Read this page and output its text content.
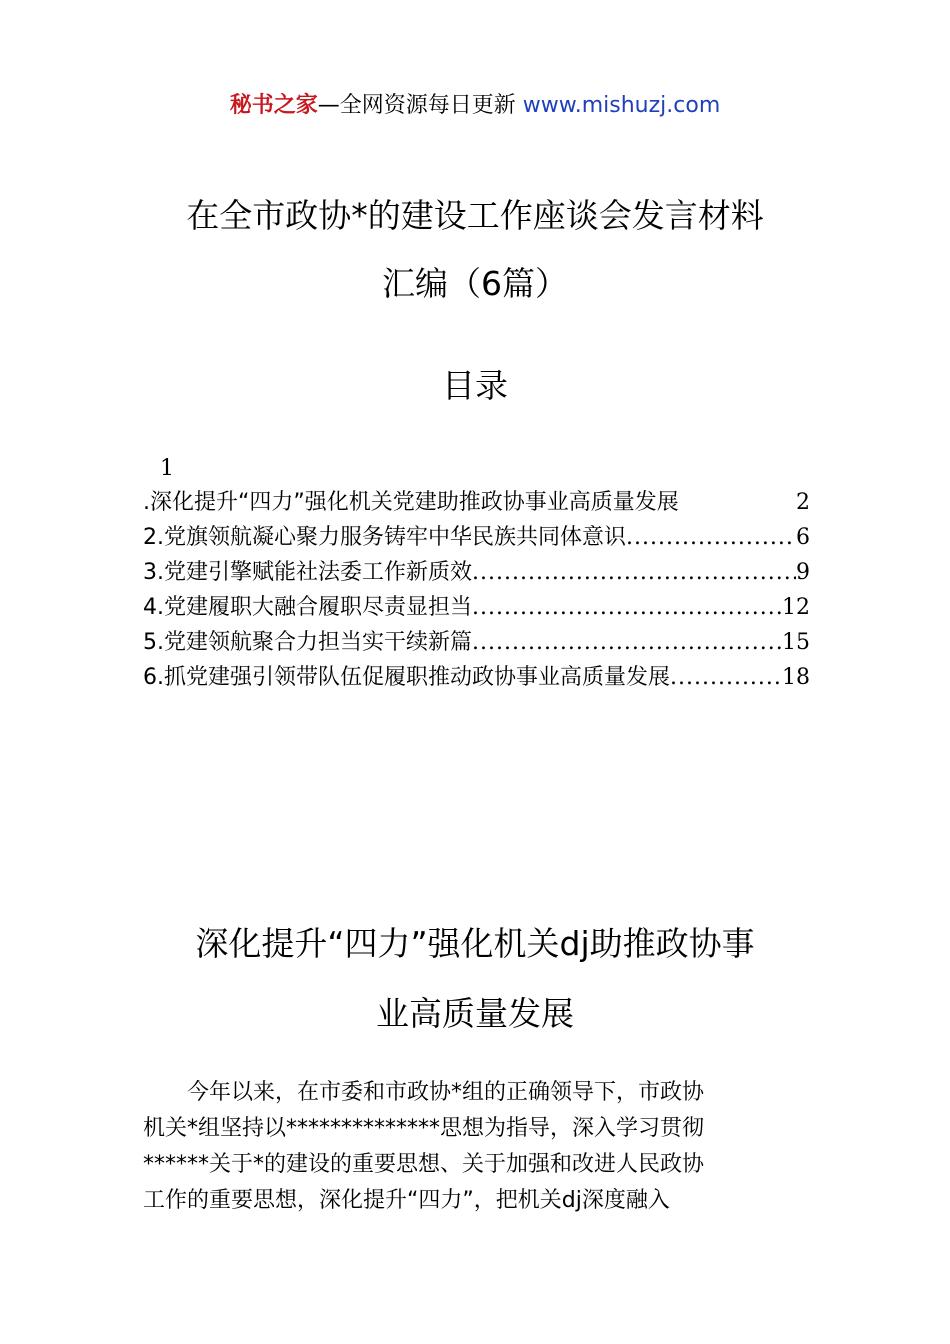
秘书之家—全网资源每日更新 www.mishuzj.com
在全市政协*的建设工作座谈会发言材料
汇编（6篇）
目录
1
.深化提升“四力”强化机关党建助推政协事业高质量发展	2
2.党旗领航凝心聚力服务铸牢中华民族共同体意识 .....	6
3.党建引擎赋能社法委工作新质效 .....	9
4.党建履职大融合履职尽责显担当 .....	12
5.党建领航聚合力担当实干续新篇 .....	15
6.抓党建强引领带队伍促履职推动政协事业高质量发展 .....	18
深化提升“四力”强化机关dj助推政协事
业高质量发展
今年以来，在市委和市政协*组的正确领导下，市政协
机关*组坚持以**************思想为指导，深入学习贯彻
******关于*的建设的重要思想、关于加强和改进人民政协
工作的重要思想，深化提升“四力”，把机关dj深度融入
